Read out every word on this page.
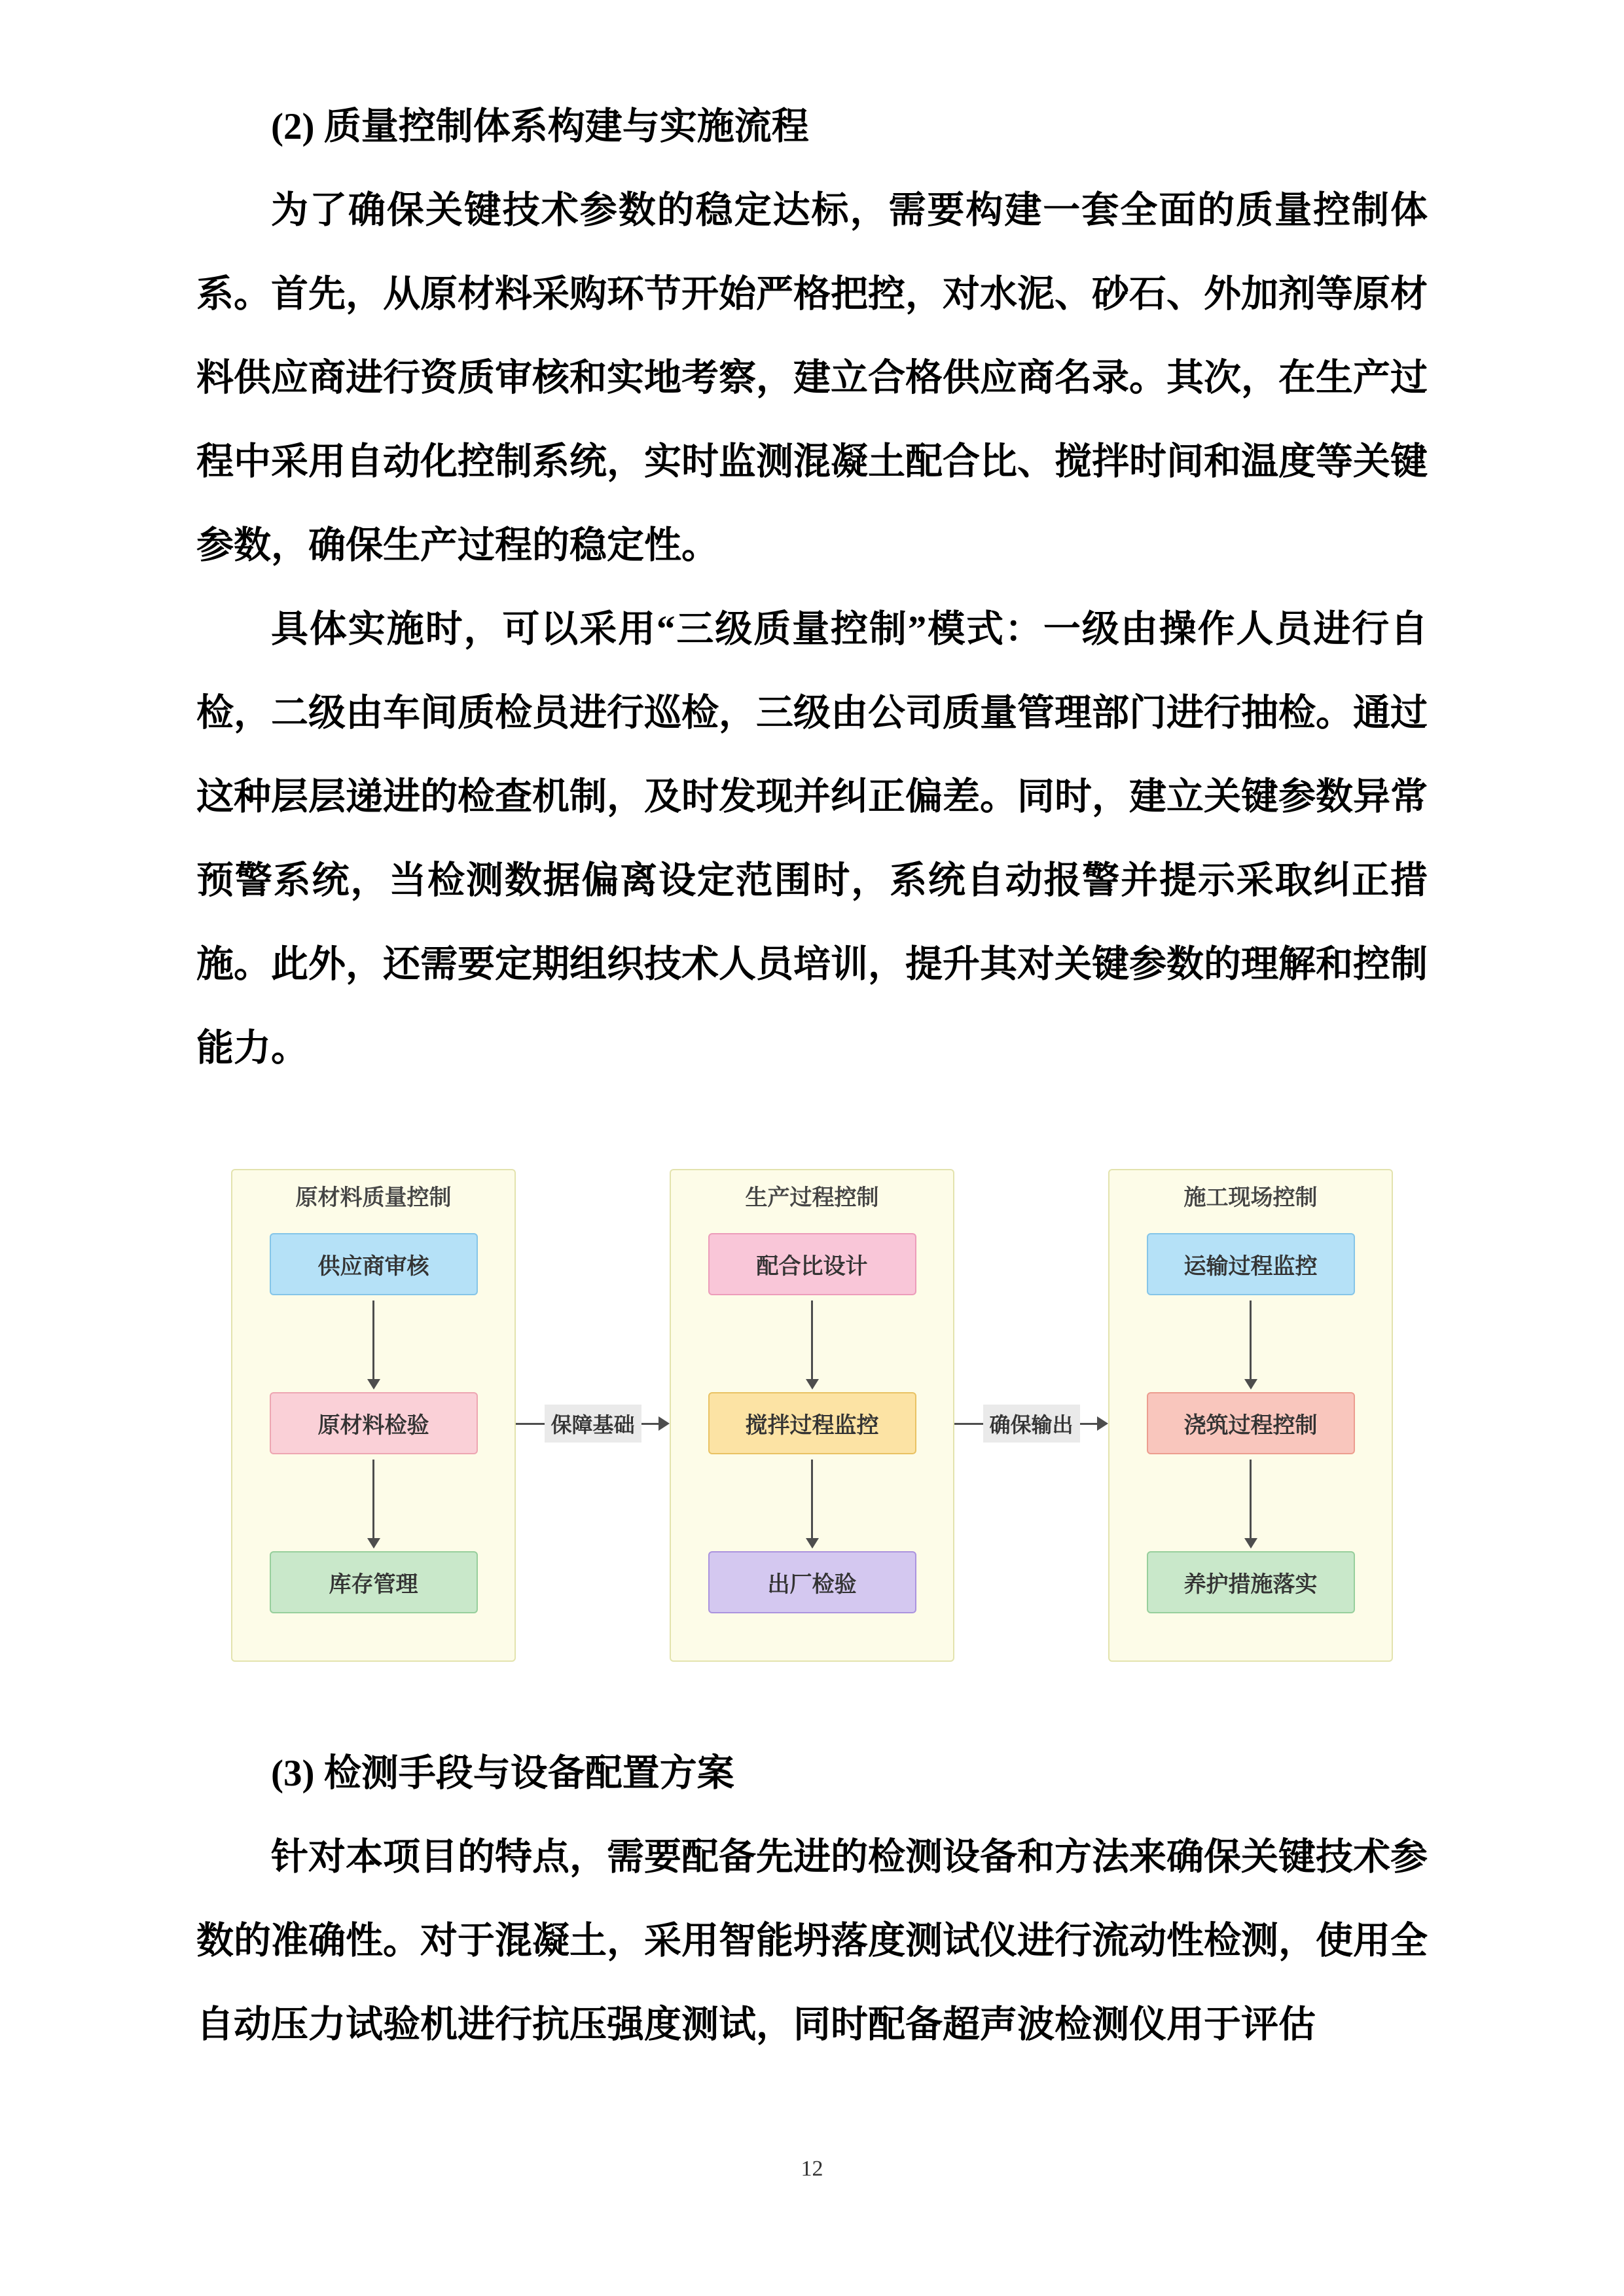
(2) 质量控制体系构建与实施流程

为了确保关键技术参数的稳定达标，需要构建一套全面的质量控制体系。首先，从原材料采购环节开始严格把控，对水泥、砂石、外加剂等原材料供应商进行资质审核和实地考察，建立合格供应商名录。其次，在生产过程中采用自动化控制系统，实时监测混凝土配合比、搅拌时间和温度等关键参数，确保生产过程的稳定性。

具体实施时，可以采用“三级质量控制”模式：一级由操作人员进行自检，二级由车间质检员进行巡检，三级由公司质量管理部门进行抽检。通过这种层层递进的检查机制，及时发现并纠正偏差。同时，建立关键参数异常预警系统，当检测数据偏离设定范围时，系统自动报警并提示采取纠正措施。此外，还需要定期组织技术人员培训，提升其对关键参数的理解和控制能力。

原材料质量控制
供应商审核
原材料检验
库存管理
保障基础
生产过程控制
配合比设计
搅拌过程监控
出厂检验
确保输出
施工现场控制
运输过程监控
浇筑过程控制
养护措施落实

(3) 检测手段与设备配置方案

针对本项目的特点，需要配备先进的检测设备和方法来确保关键技术参数的准确性。对于混凝土，采用智能坍落度测试仪进行流动性检测，使用全自动压力试验机进行抗压强度测试，同时配备超声波检测仪用于评估

12
